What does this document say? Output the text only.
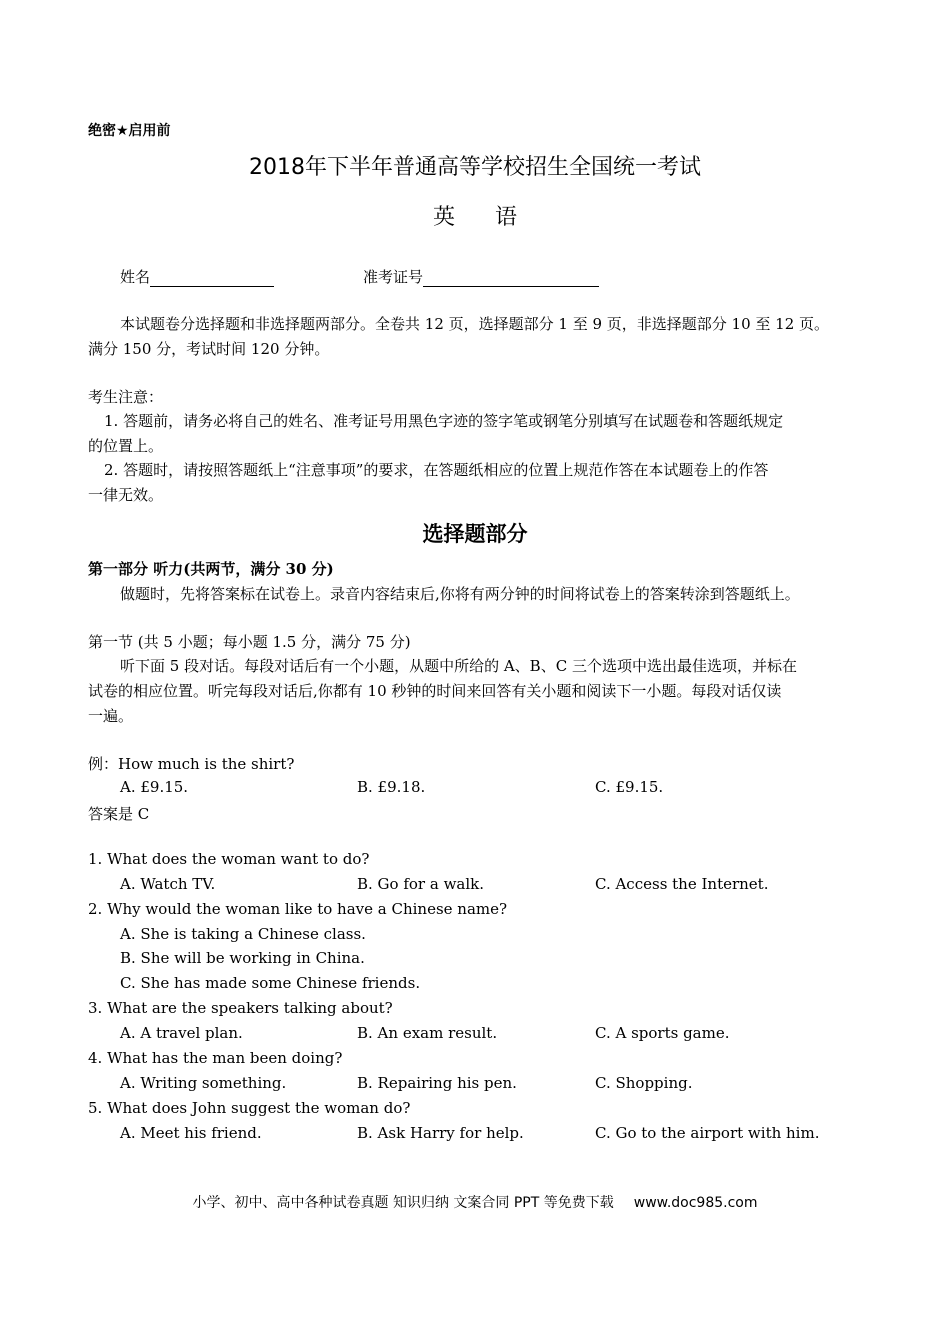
绝密★启用前
2018年下半年普通高等学校招生全国统一考试
英 语
姓名	准考证号
本试题卷分选择题和非选择题两部分。全卷共 12 页，选择题部分 1 至 9 页，非选择题部分 10 至 12 页。
满分 150 分，考试时间 120 分钟。
考生注意：
1. 答题前，请务必将自己的姓名、准考证号用黑色字迹的签字笔或钢笔分别填写在试题卷和答题纸规定
的位置上。
2. 答题时，请按照答题纸上“注意事项”的要求，在答题纸相应的位置上规范作答在本试题卷上的作答
一律无效。
选择题部分
第一部分 听力(共两节，满分 30 分)
做题时，先将答案标在试卷上。录音内容结束后,你将有两分钟的时间将试卷上的答案转涂到答题纸上。
第一节 (共 5 小题；每小题 1.5 分，满分 75 分)
听下面 5 段对话。每段对话后有一个小题，从题中所给的 A、B、C 三个选项中选出最佳选项，并标在
试卷的相应位置。听完每段对话后,你都有 10 秒钟的时间来回答有关小题和阅读下一小题。每段对话仅读
一遍。
例：How much is the shirt?
A. £9.15.	B. £9.18.	C. £9.15.
答案是 C
1. What does the woman want to do?
A. Watch TV.	B. Go for a walk.	C. Access the Internet.
2. Why would the woman like to have a Chinese name?
A. She is taking a Chinese class.
B. She will be working in China.
C. She has made some Chinese friends.
3. What are the speakers talking about?
A. A travel plan.	B. An exam result.	C. A sports game.
4. What has the man been doing?
A. Writing something.	B. Repairing his pen.	C. Shopping.
5. What does John suggest the woman do?
A. Meet his friend.	B. Ask Harry for help.	C. Go to the airport with him.
小学、初中、高中各种试卷真题 知识归纳 文案合同 PPT 等免费下载 www.doc985.com
